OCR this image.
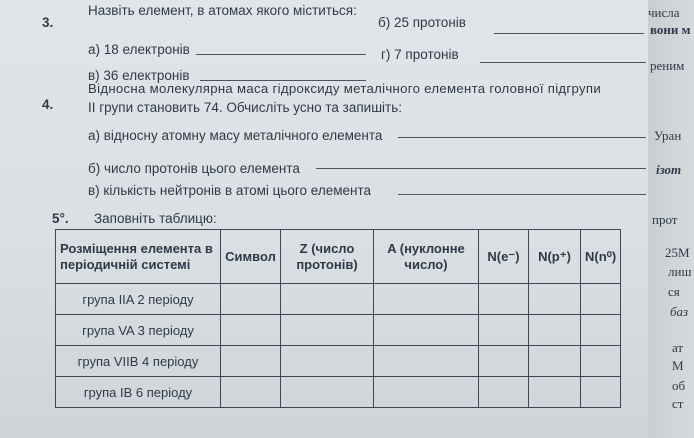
3.
Назвіть елемент, в атомах якого міститься:
а) 18 електронів
б) 25 протонів
в) 36 електронів
г) 7 протонів
4.
Відносна молекулярна маса гідроксиду металічного елемента головної підгрупи
ІІ групи становить 74. Обчисліть усно та запишіть:
а) відносну атомну масу металічного елемента
б) число протонів цього елемента
в) кількість нейтронів в атомі цього елемента
5°. Заповніть таблицю:
Розміщення елемента в періодичній системі	Символ	Z (число протонів)	A (нуклонне число)	N(e⁻)	N(p⁺)	N(n⁰)
група IIA 2 періоду						
група VA 3 періоду						
група VIIB 4 періоду						
група IB 6 періоду						
числа
вони м
реним
Уран
ізот
прот
25М
лиш
ся
баз
ат
М
об
ст
